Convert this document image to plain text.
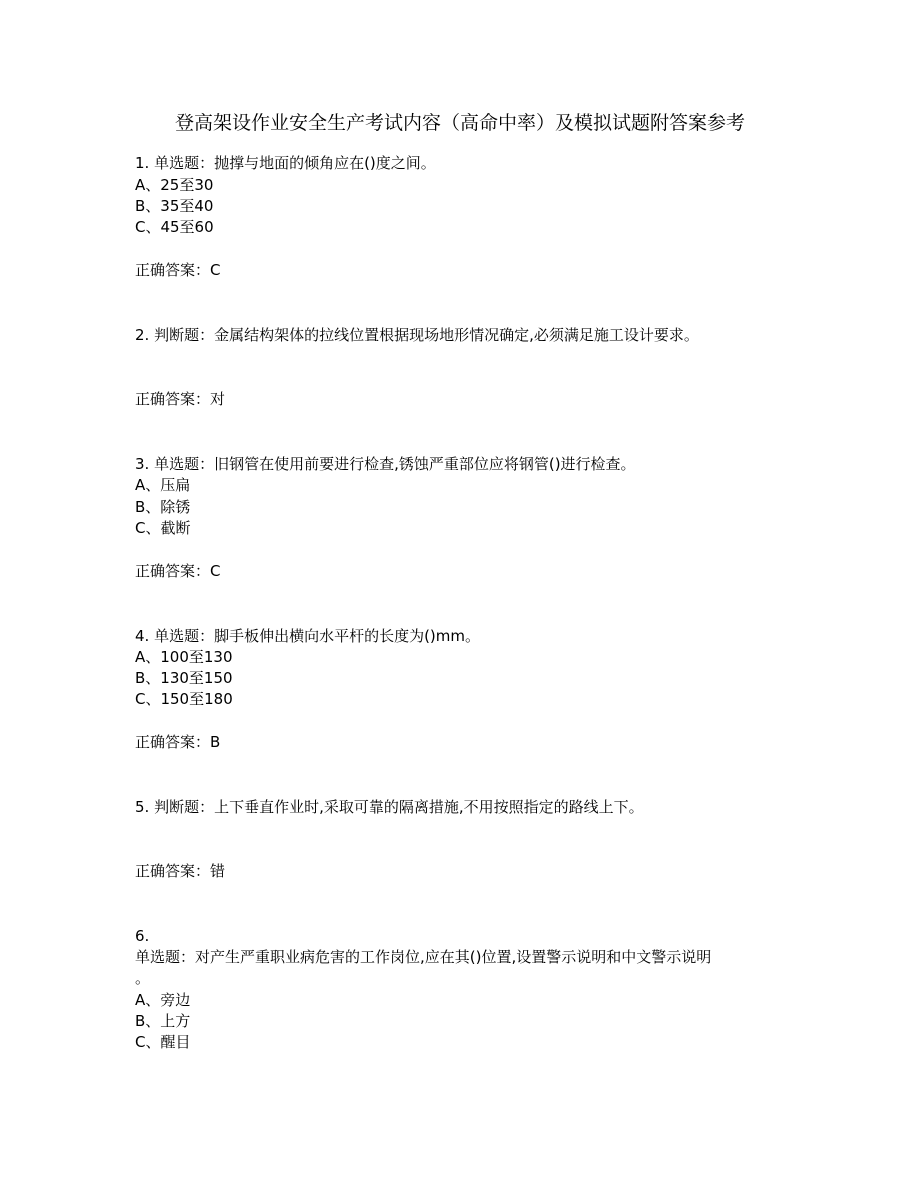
登高架设作业安全生产考试内容（高命中率）及模拟试题附答案参考
1. 单选题：抛撑与地面的倾角应在()度之间。
A、25至30
B、35至40
C、45至60
正确答案：C
2. 判断题：金属结构架体的拉线位置根据现场地形情况确定,必须满足施工设计要求。
正确答案：对
3. 单选题：旧钢管在使用前要进行检查,锈蚀严重部位应将钢管()进行检查。
A、压扁
B、除锈
C、截断
正确答案：C
4. 单选题：脚手板伸出横向水平杆的长度为()mm。
A、100至130
B、130至150
C、150至180
正确答案：B
5. 判断题：上下垂直作业时,采取可靠的隔离措施,不用按照指定的路线上下。
正确答案：错
6.
单选题：对产生严重职业病危害的工作岗位,应在其()位置,设置警示说明和中文警示说明
。
A、旁边
B、上方
C、醒目
